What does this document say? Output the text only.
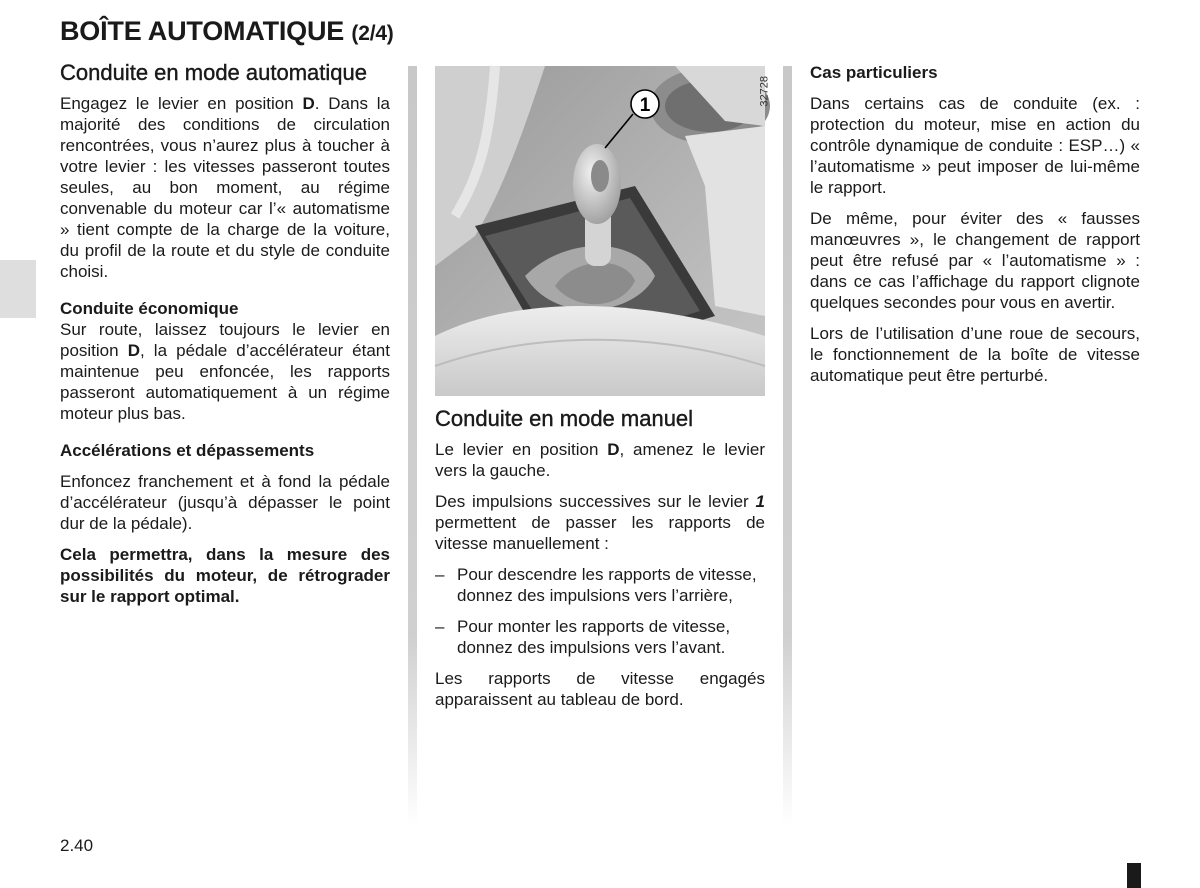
BOÎTE AUTOMATIQUE (2/4)
Conduite en mode automatique

Engagez le levier en position D. Dans la majorité des conditions de circulation rencontrées, vous n’aurez plus à toucher à votre levier : les vitesses passeront toutes seules, au bon moment, au régime convenable du moteur car l’« automatisme » tient compte de la charge de la voiture, du profil de la route et du style de conduite choisi.

Conduite économique

Sur route, laissez toujours le levier en position D, la pédale d’accélérateur étant maintenue peu enfoncée, les rapports passeront automatiquement à un régime moteur plus bas.

Accélérations et dépassements

Enfoncez franchement et à fond la pédale d’accélérateur (jusqu’à dépasser le point dur de la pédale).

Cela permettra, dans la mesure des possibilités du moteur, de rétrograder sur le rapport optimal.

1	32728
Conduite en mode manuel

Le levier en position D, amenez le levier vers la gauche.

Des impulsions successives sur le levier 1 permettent de passer les rapports de vitesse manuellement :

– Pour descendre les rapports de vitesse, donnez des impulsions vers l’arrière,
– Pour monter les rapports de vitesse, donnez des impulsions vers l’avant.

Les rapports de vitesse engagés apparaissent au tableau de bord.

Cas particuliers

Dans certains cas de conduite (ex. : protection du moteur, mise en action du contrôle dynamique de conduite : ESP…) « l’automatisme » peut imposer de lui-même le rapport.

De même, pour éviter des « fausses manœuvres », le changement de rapport peut être refusé par « l’automatisme » : dans ce cas l’affichage du rapport clignote quelques secondes pour vous en avertir.

Lors de l’utilisation d’une roue de secours, le fonctionnement de la boîte de vitesse automatique peut être perturbé.

2.40
